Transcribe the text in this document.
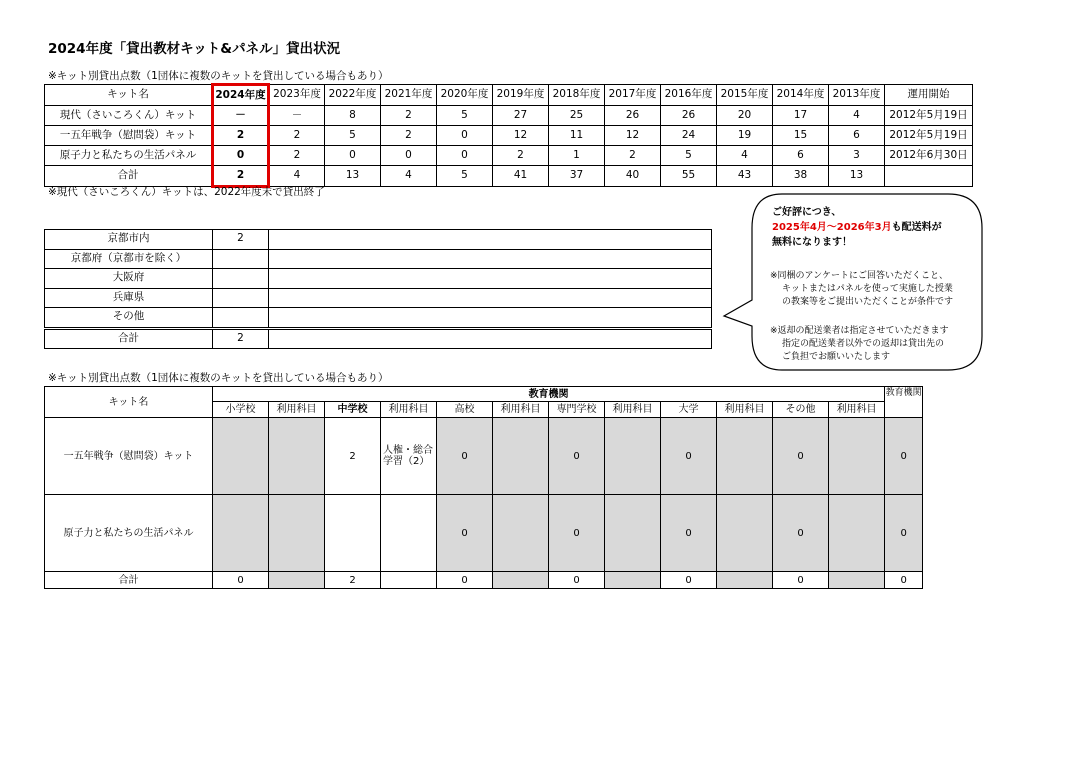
2024年度「貸出教材キット&パネル」貸出状況
※キット別貸出点数（1団体に複数のキットを貸出している場合もあり）
キット名	2024年度	2023年度	2022年度	2021年度	2020年度	2019年度	2018年度	2017年度	2016年度	2015年度	2014年度	2013年度	運用開始
現代（さいころくん）キット	－	－	8	2	5	27	25	26	26	20	17	4	2012年5月19日
一五年戦争（慰問袋）キット	2	2	5	2	0	12	11	12	24	19	15	6	2012年5月19日
原子力と私たちの生活パネル	0	2	0	0	0	2	1	2	5	4	6	3	2012年6月30日
合計	2	4	13	4	5	41	37	40	55	43	38	13	
※現代（さいころくん）キットは、2022年度末で貸出終了
京都市内	2	
京都府（京都市を除く）		
大阪府		
兵庫県		
その他		
合計	2	
ご好評につき、
2025年4月～2026年3月も配送料が
無料になります！
※同梱のアンケートにご回答いただくこと、
キットまたはパネルを使って実施した授業
の教案等をご提出いただくことが条件です
※返却の配送業者は指定させていただきます
指定の配送業者以外での返却は貸出先の
ご負担でお願いいたします
※キット別貸出点数（1団体に複数のキットを貸出している場合もあり）
キット名	教育機関												教育機関
	小学校	利用科目	中学校	利用科目	高校	利用科目	専門学校	利用科目	大学	利用科目	その他	利用科目	
一五年戦争（慰問袋）キット			2	人権・総合学習（2）	0		0		0		0		0
原子力と私たちの生活パネル					0		0		0		0		0
合計	0		2		0		0		0		0		0
